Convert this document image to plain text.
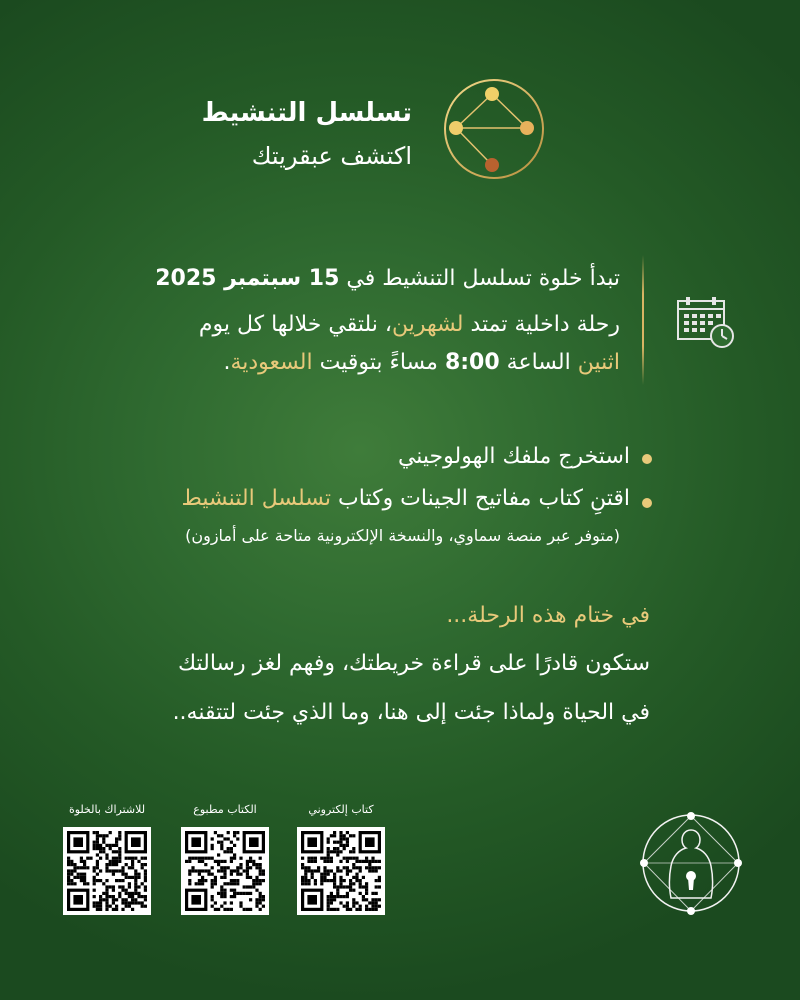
تسلسل التنشيط
اكتشف عبقريتك
تبدأ خلوة تسلسل التنشيط في 15 سبتمبر 2025
رحلة داخلية تمتد لشهرين، نلتقي خلالها كل يوم
اثنين الساعة 8:00 مساءً بتوقيت السعودية.
استخرج ملفك الهولوجيني
اقتنِ كتاب مفاتيح الجينات وكتاب تسلسل التنشيط
(متوفر عبر منصة سماوي، والنسخة الإلكترونية متاحة على أمازون)
في ختام هذه الرحلة...
ستكون قادرًا على قراءة خريطتك، وفهم لغز رسالتك
في الحياة ولماذا جئت إلى هنا، وما الذي جئت لتتقنه..
كتاب إلكتروني
الكتاب مطبوع
للاشتراك بالخلوة
